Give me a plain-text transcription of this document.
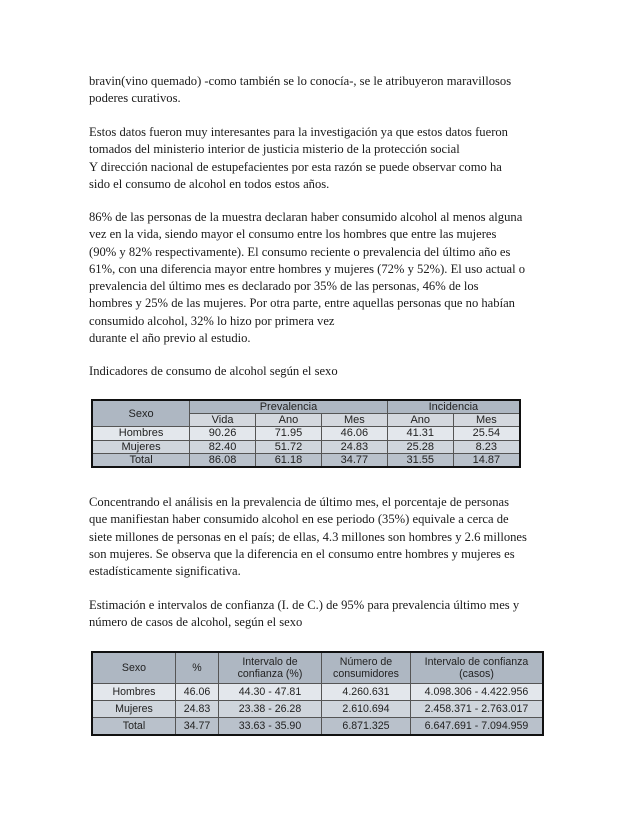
bravin(vino quemado) -como también se lo conocía-, se le atribuyeron maravillosos
poderes curativos.

Estos datos fueron muy interesantes para la investigación ya que estos datos fueron
tomados del ministerio interior de justicia misterio de la protección social
Y dirección nacional de estupefacientes por esta razón se puede observar como ha
sido el consumo de alcohol en todos estos años.

86% de las personas de la muestra declaran haber consumido alcohol al menos alguna
vez en la vida, siendo mayor el consumo entre los hombres que entre las mujeres
(90% y 82% respectivamente). El consumo reciente o prevalencia del último año es
61%, con una diferencia mayor entre hombres y mujeres (72% y 52%). El uso actual o
prevalencia del último mes es declarado por 35% de las personas, 46% de los
hombres y 25% de las mujeres. Por otra parte, entre aquellas personas que no habían
consumido alcohol, 32% lo hizo por primera vez
durante el año previo al estudio.

Indicadores de consumo de alcohol según el sexo

Sexo	Prevalencia			Incidencia	
	Vida	Ano	Mes	Ano	Mes
Hombres	90.26	71.95	46.06	41.31	25.54
Mujeres	82.40	51.72	24.83	25.28	8.23
Total	86.08	61.18	34.77	31.55	14.87

Concentrando el análisis en la prevalencia de último mes, el porcentaje de personas
que manifiestan haber consumido alcohol en ese periodo (35%) equivale a cerca de
siete millones de personas en el país; de ellas, 4.3 millones son hombres y 2.6 millones
son mujeres. Se observa que la diferencia en el consumo entre hombres y mujeres es
estadísticamente significativa.

Estimación e intervalos de confianza (I. de C.) de 95% para prevalencia último mes y
número de casos de alcohol, según el sexo

Sexo	%	Intervalo de confianza (%)	Número de consumidores	Intervalo de confianza (casos)
Hombres	46.06	44.30 - 47.81	4.260.631	4.098.306 - 4.422.956
Mujeres	24.83	23.38 - 26.28	2.610.694	2.458.371 - 2.763.017
Total	34.77	33.63 - 35.90	6.871.325	6.647.691 - 7.094.959
